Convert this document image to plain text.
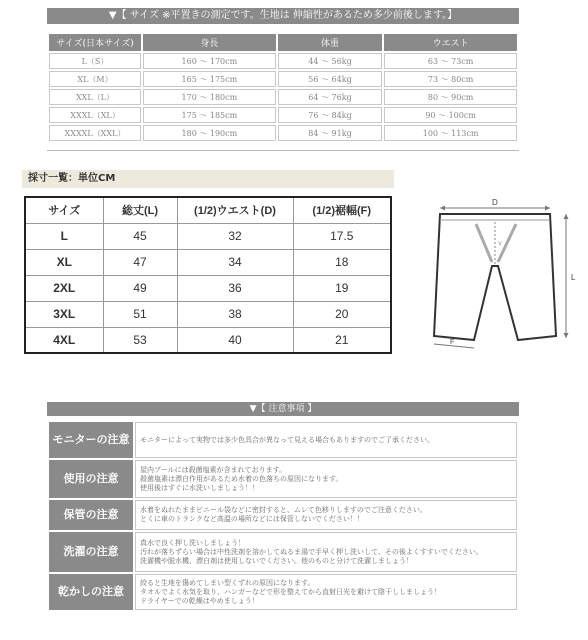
▼【 サイズ ※平置きの測定です。生地は 伸縮性があるため多少前後します。】
サイズ(日本サイズ)	身長	体重	ウエスト
L（S）	160 ～ 170cm	44 ～ 56kg	63 ～ 73cm
XL（M）	165 ～ 175cm	56 ～ 64kg	73 ～ 80cm
XXL（L）	170 ～ 180cm	64 ～ 76kg	80 ～ 90cm
XXXL（XL）	175 ～ 185cm	76 ～ 84kg	90 ～ 100cm
XXXXL（XXL）	180 ～ 190cm	84 ～ 91kg	100 ～ 113cm
採寸一覧：単位CM
サイズ	総丈(L)	(1/2)ウエスト(D)	(1/2)裾幅(F)
L	45	32	17.5
XL	47	34	18
2XL	49	36	19
3XL	51	38	20
4XL	53	40	21
D
Y
L
F
▼【 注意事項 】
モニターの注意	モニターによって実物では多少色具合が異なって見える場合もありますのでご了承ください。

使用の注意	屋内プールには殺菌塩素が含まれております。
殺菌塩素は漂白作用があるため水着の色落ちの原因になります。
使用後はすぐに水洗いしましょう！！

保管の注意	水着をぬれたままビニール袋などに密封すると、ムレて色移りしますのでご注意ください。
とくに車のトランクなど高温の場所などには保管しないでください！！

洗濯の注意	真水で良く押し洗いしましょう！
汚れが落ちずらい場合は中性洗剤を溶かしてぬるま湯で手早く押し洗いして、その後よくすすいでください。
洗濯機や脱水機、漂白剤は使用しないでください。他のものと分けて洗濯しましょう！

乾かしの注意	絞ると生地を傷めてしまい型くずれの原因になります。
タオルでよく水気を取り、ハンガーなどで形を整えてから直射日光を避けて陰干ししましょう！
ドライヤーでの乾燥はやめましょう！
